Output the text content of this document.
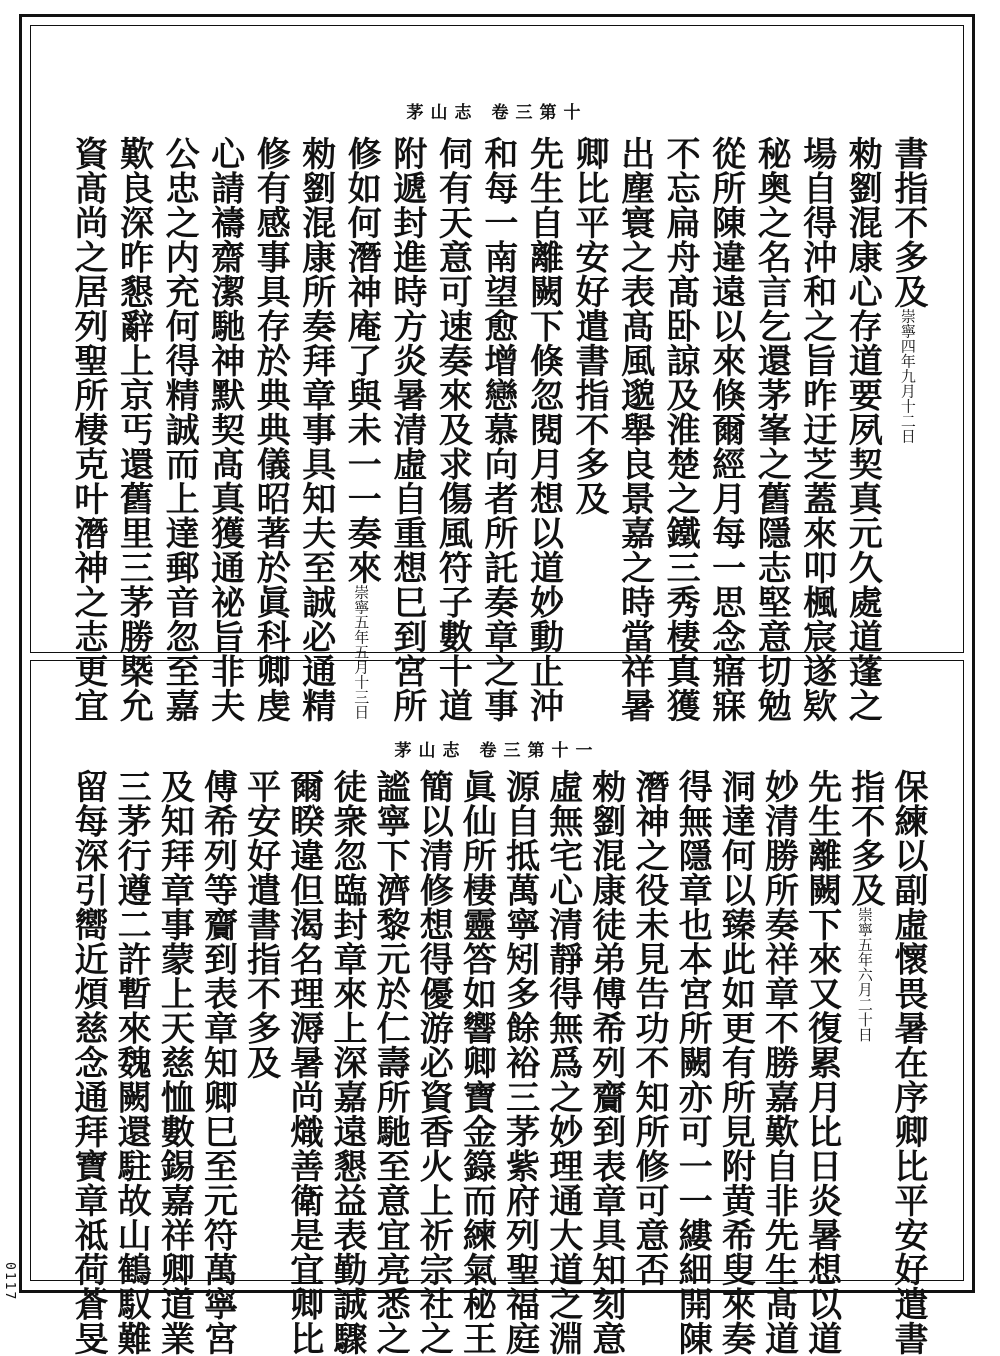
茅山志 卷三第十
書指不多及崇寧四年九月十二日
勑劉混康心存道要夙契真元久處道蓬之
場自得沖和之旨昨迂芝蓋來叩楓宸遂欵
秘奥之名言乞還茅峯之舊隱志堅意切勉
從所陳違遠以來倏爾經月每一思念寤寐
不忘扁舟髙卧諒及淮楚之鐵三秀棲真獲
出塵寰之表髙風邈舉良景嘉之時當祥暑
卿比平安好遣書指不多及
先生自離闕下倏忽閱月想以道妙動止沖
和每一南望愈增戀慕向者所託奏章之事
伺有天意可速奏來及求傷風符子數十道
附遞封進時方炎暑清虛自重想巳到宮所
修如何潛神庵了與未一一奏來崇寧五年五月十三日
勑劉混康所奏拜章事具知夫至誠必通精
修有感事具存於典典儀昭著於眞科卿虔
心請禱齋潔馳神默契髙真獲通祕旨非夫
公忠之内充何得精誠而上達郵音忽至嘉
歎良深昨懇辭上京丐還舊里三茅勝槩允
資髙尚之居列聖所棲克叶潛神之志更宜
茅山志 卷三第十一
保練以副虛懷畏暑在序卿比平安好遣書
指不多及崇寧五年六月二十日
先生離闕下來又復累月比日炎暑想以道
妙清勝所奏祥章不勝嘉歎自非先生髙道
洞達何以臻此如更有所見附黄希叟來奏
得無隱章也本宮所闕亦可一一縷細開陳
潛神之役未見告功不知所修可意否
勑劉混康徒弟傅希列齎到表章具知刻意
虛無宅心清靜得無爲之妙理通大道之淵
源自抵萬寧矧多餘裕三茅紫府列聖福庭
眞仙所棲靈答如響卿寶金籙而練氣秘王
簡以清修想得優游必資香火上祈宗社之
謐寧下濟黎元於仁壽所馳至意宜亮悉之
徒衆忽臨封章來上深嘉遠懇益表勤誠驟
爾睽違但渴名理溽暑尚熾善衛是宜卿比
平安好遣書指不多及
傅希列等齎到表章知卿巳至元符萬寧宮
及知拜章事蒙上天慈恤數錫嘉祥卿道業
三茅行遵二許暫來魏闕還駐故山鶴馭難
留每深引嚮近煩慈念通拜寶章祗荷蒼旻
0117
